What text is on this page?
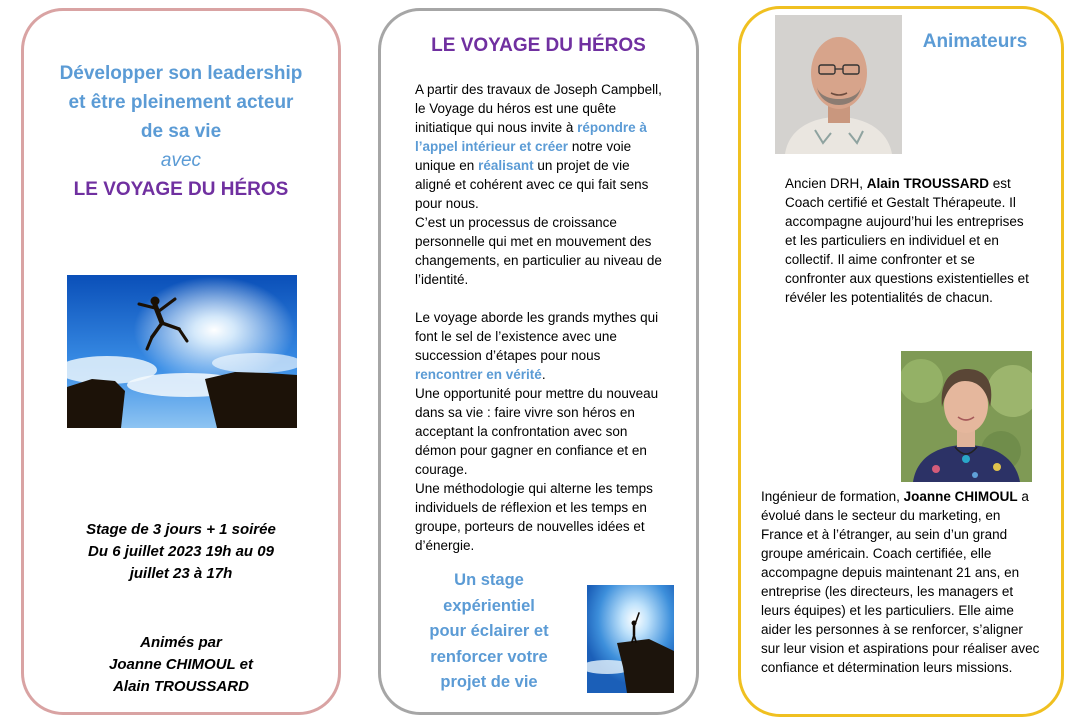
Développer son leadership
et être pleinement acteur
de sa vie
avec
LE VOYAGE DU HÉROS
Stage de 3 jours + 1 soirée
Du 6 juillet 2023 19h au 09
juillet 23 à 17h
Animés par
Joanne CHIMOUL et
Alain TROUSSARD
LE VOYAGE DU HÉROS

A partir des travaux de Joseph Campbell, le Voyage du héros est une quête initiatique qui nous invite à répondre à l’appel intérieur et créer notre voie unique en réalisant un projet de vie aligné et cohérent avec ce qui fait sens pour nous.

C’est un processus de croissance personnelle qui met en mouvement des changements, en particulier au niveau de l’identité.

Le voyage aborde les grands mythes qui font le sel de l’existence avec une succession d’étapes pour nous rencontrer en vérité.

Une opportunité pour mettre du nouveau dans sa vie : faire vivre son héros en acceptant la confrontation avec son démon pour gagner en confiance et en courage.

Une méthodologie qui alterne les temps individuels de réflexion et les temps en groupe, porteurs de nouvelles idées et d’énergie.

Un stage
expérientiel
pour éclairer et
renforcer votre
projet de vie
Animateurs
Ancien DRH, Alain TROUSSARD est Coach certifié et Gestalt Thérapeute. Il accompagne aujourd’hui les entreprises et les particuliers en individuel et en collectif. Il aime confronter et se confronter aux questions existentielles et révéler les potentialités de chacun.
Ingénieur de formation, Joanne CHIMOUL a évolué dans le secteur du marketing, en France et à l’étranger, au sein d’un grand groupe américain. Coach certifiée, elle accompagne depuis maintenant 21 ans, en entreprise (les directeurs, les managers et leurs équipes) et les particuliers. Elle aime aider les personnes à se renforcer, s’aligner sur leur vision et aspirations pour réaliser avec confiance et détermination leurs missions.
